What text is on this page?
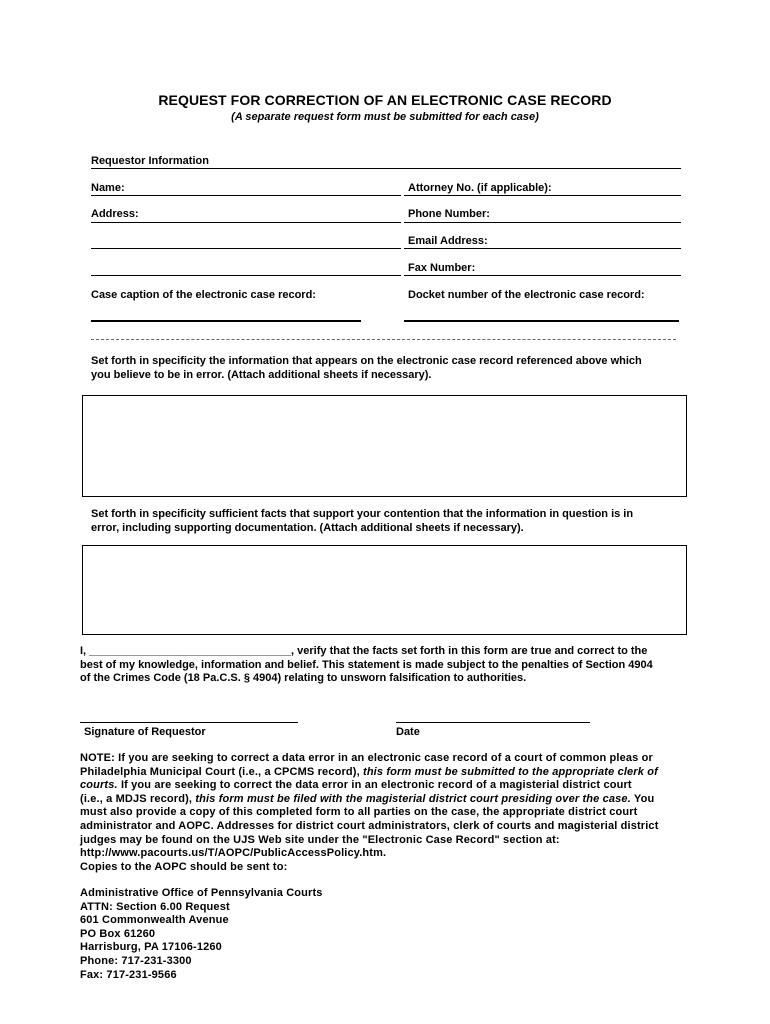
REQUEST FOR CORRECTION OF AN ELECTRONIC CASE RECORD
(A separate request form must be submitted for each case)
Requestor Information
Name:	Attorney No. (if applicable):
Address:	Phone Number:
Email Address:
Fax Number:
Case caption of the electronic case record:	Docket number of the electronic case record:
Set forth in specificity the information that appears on the electronic case record referenced above which
you believe to be in error. (Attach additional sheets if necessary).
Set forth in specificity sufficient facts that support your contention that the information in question is in
error, including supporting documentation. (Attach additional sheets if necessary).
I, _________________________________, verify that the facts set forth in this form are true and correct to the
best of my knowledge, information and belief. This statement is made subject to the penalties of Section 4904
of the Crimes Code (18 Pa.C.S. § 4904) relating to unsworn falsification to authorities.
Signature of Requestor	Date
NOTE: If you are seeking to correct a data error in an electronic case record of a court of common pleas or
Philadelphia Municipal Court (i.e., a CPCMS record), this form must be submitted to the appropriate clerk of
courts. If you are seeking to correct the data error in an electronic record of a magisterial district court
(i.e., a MDJS record), this form must be filed with the magisterial district court presiding over the case. You
must also provide a copy of this completed form to all parties on the case, the appropriate district court
administrator and AOPC. Addresses for district court administrators, clerk of courts and magisterial district
judges may be found on the UJS Web site under the "Electronic Case Record" section at:
http://www.pacourts.us/T/AOPC/PublicAccessPolicy.htm.
Copies to the AOPC should be sent to:
Administrative Office of Pennsylvania Courts
ATTN: Section 6.00 Request
601 Commonwealth Avenue
PO Box 61260
Harrisburg, PA 17106-1260
Phone: 717-231-3300
Fax: 717-231-9566
